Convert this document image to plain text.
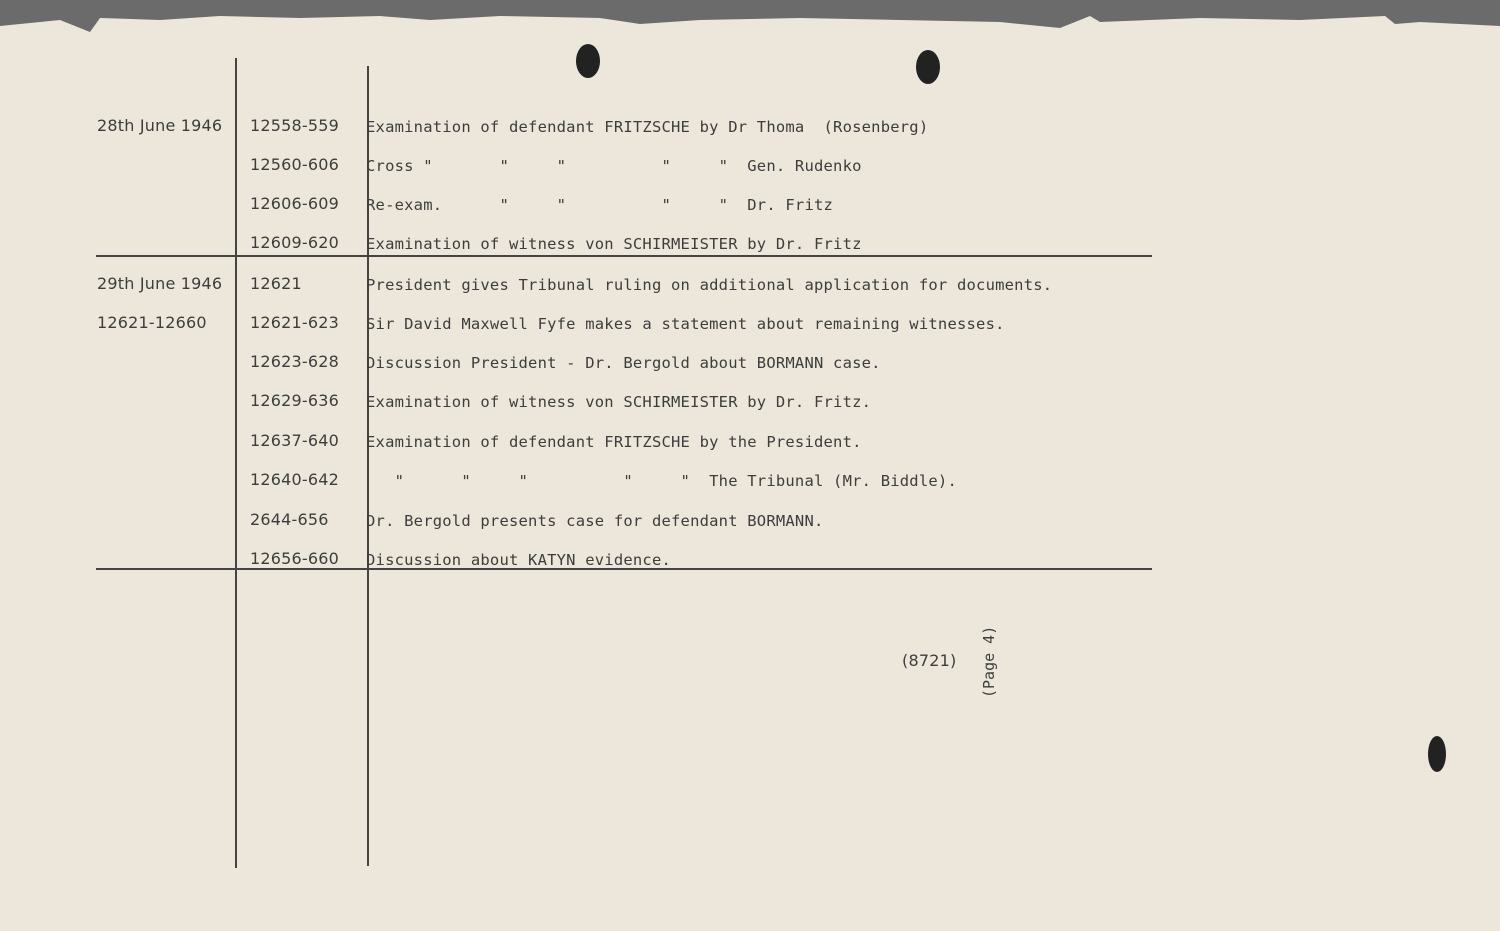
28th June 1946 12558-559 Examination of defendant FRITZSCHE by Dr Thoma  (Rosenberg)
12560-606 Cross "       "     "          "     "  Gen. Rudenko
12606-609 Re-exam.      "     "          "     "  Dr. Fritz
12609-620 Examination of witness von SCHIRMEISTER by Dr. Fritz
29th June 1946 12621	President gives Tribunal ruling on additional application for documents.
12621-12660	12621-623 Sir David Maxwell Fyfe makes a statement about remaining witnesses.
12623-628 Discussion President - Dr. Bergold about BORMANN case.
12629-636 Examination of witness von SCHIRMEISTER by Dr. Fritz.
12637-640 Examination of defendant FRITZSCHE by the President.
12640-642 "      "     "          "     "  The Tribunal (Mr. Biddle).
2644-656 Dr. Bergold presents case for defendant BORMANN.
12656-660 Discussion about KATYN evidence.
(8721) (Page 4)
